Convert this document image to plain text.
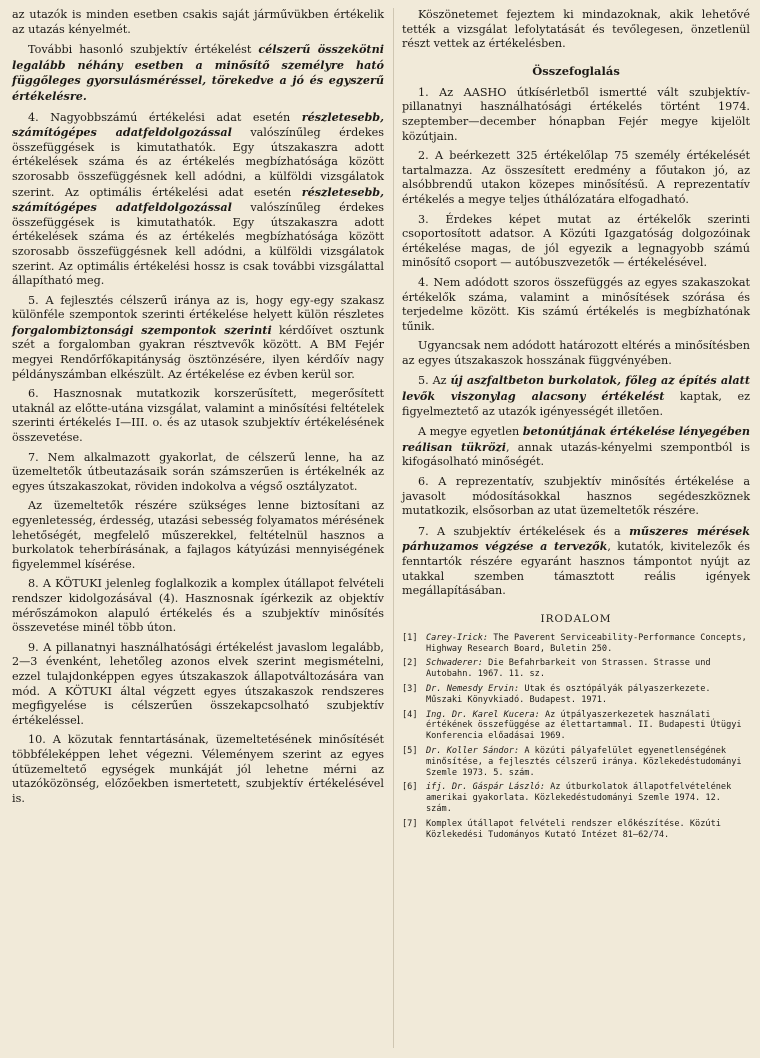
az utazók is minden esetben csakis saját járművükben értékelik az utazás kényelmét.

További hasonló szubjektív értékelést célszerű összekötni legalább néhány esetben a minősítő személyre ható függőleges gyorsulásméréssel, törekedve a jó és egyszerű értékelésre.

4. Nagyobbszámú értékelési adat esetén részletesebb, számítógépes adatfeldolgozással valószínűleg érdekes összefüggések is kimutathatók. Egy útszakaszra adott értékelések száma és az értékelés megbízhatósága között szorosabb összefüggésnek kell adódni, a külföldi vizsgálatok szerint. Az optimális értékelési adat esetén részletesebb, számítógépes adatfeldolgozással valószínűleg érdekes összefüggések is kimutathatók. Egy útszakaszra adott értékelések száma és az értékelés megbízhatósága között szorosabb összefüggésnek kell adódni, a külföldi vizsgálatok szerint. Az optimális értékelési hossz is csak további vizsgálattal állapítható meg.

5. A fejlesztés célszerű iránya az is, hogy egy-egy szakasz különféle szempontok szerinti értékelése helyett külön részletes forgalombiztonsági szempontok szerinti kérdőívet osztunk szét a forgalomban gyakran résztvevők között. A BM Fejér megyei Rendőrfőkapitányság ösztönzésére, ilyen kérdőív nagy példányszámban elkészült. Az értékelése ez évben kerül sor.

6. Hasznosnak mutatkozik korszerűsített, megerősített utaknál az előtte-utána vizsgálat, valamint a minősítési feltételek szerinti értékelés I—III. o. és az utasok szubjektív értékelésének összevetése.

7. Nem alkalmazott gyakorlat, de célszerű lenne, ha az üzemeltetők útbeutazásaik során számszerűen is értékelnék az egyes útszakaszokat, röviden indokolva a végső osztályzatot.

Az üzemeltetők részére szükséges lenne biztosítani az egyenletesség, érdesség, utazási sebesség folyamatos mérésének lehetőségét, megfelelő műszerekkel, feltételnül hasznos a burkolatok teherbírásának, a fajlagos kátyúzási mennyiségének figyelemmel kísérése.

8. A KÖTUKI jelenleg foglalkozik a komplex útállapot felvételi rendszer kidolgozásával (4). Hasznosnak ígérkezik az objektív mérőszámokon alapuló értékelés és a szubjektív minősítés összevetése minél több úton.

9. A pillanatnyi használhatósági értékelést javaslom legalább, 2—3 évenként, lehetőleg azonos elvek szerint megismételni, ezzel tulajdonképpen egyes útszakaszok állapotváltozására van mód. A KÖTUKI által végzett egyes útszakaszok rendszeres megfigyelése is célszerűen összekapcsolható szubjektív értékeléssel.

10. A közutak fenntartásának, üzemeltetésének minősítését többféleképpen lehet végezni. Véleményem szerint az egyes útüzemeltető egységek munkáját jól lehetne mérni az utazóközönség, előzőekben ismertetett, szubjektív értékelésével is.

Köszönetemet fejeztem ki mindazoknak, akik lehetővé tették a vizsgálat lefolytatását és tevőlegesen, önzetlenül részt vettek az értékelésben.

Összefoglalás

1. Az AASHO útkísérletből ismertté vált szubjektív-pillanatnyi használhatósági értékelés történt 1974. szeptember—december hónapban Fejér megye kijelölt közútjain.

2. A beérkezett 325 értékelőlap 75 személy értékelését tartalmazza. Az összesített eredmény a főutakon jó, az alsóbbrendű utakon közepes minősítésű. A reprezentatív értékelés a megye teljes úthálózatára elfogadható.

3. Érdekes képet mutat az értékelők szerinti csoportosított adatsor. A Közúti Igazgatóság dolgozóinak értékelése magas, de jól egyezik a legnagyobb számú minősítő csoport — autóbuszvezetők — értékelésével.

4. Nem adódott szoros összefüggés az egyes szakaszokat értékelők száma, valamint a minősítések szórása és terjedelme között. Kis számú értékelés is megbízhatónak tűnik.

Ugyancsak nem adódott határozott eltérés a minősítésben az egyes útszakaszok hosszának függvényében.

5. Az új aszfaltbeton burkolatok, főleg az építés alatt levők viszonylag alacsony értékelést kaptak, ez figyelmeztető az utazók igényességét illetően.

A megye egyetlen betonútjának értékelése lényegében reálisan tükrözi, annak utazás-kényelmi szempontból is kifogásolható minőségét.

6. A reprezentatív, szubjektív minősítés értékelése a javasolt módosításokkal hasznos segédeszköznek mutatkozik, elsősorban az utat üzemeltetők részére.

7. A szubjektív értékelések és a műszeres mérések párhuzamos végzése a tervezők, kutatók, kivitelezők és fenntartók részére egyaránt hasznos támpontot nyújt az utakkal szemben támasztott reális igények megállapításában.

IRODALOM
[1] Carey-Irick: The Paverent Serviceability-Performance Concepts, Highway Research Board, Buletin 250.
[2] Schwaderer: Die Befahrbarkeit von Strassen. Strasse und Autobahn. 1967. 11. sz.
[3] Dr. Nemesdy Ervin: Utak és osztópályák pályaszerkezete. Műszaki Könyvkiadó. Budapest. 1971.
[4] Ing. Dr. Karel Kucera: Az útpályaszerkezetek használati értékének összefüggése az élettartammal. II. Budapesti Útügyi Konferencia előadásai 1969.
[5] Dr. Koller Sándor: A közúti pályafelület egyenetlenségének minősítése, a fejlesztés célszerű iránya. Közlekedéstudományi Szemle 1973. 5. szám.
[6] ifj. Dr. Gáspár László: Az útburkolatok állapotfelvételének amerikai gyakorlata. Közlekedéstudományi Szemle 1974. 12. szám.
[7] Komplex útállapot felvételi rendszer előkészítése. Közúti Közlekedési Tudományos Kutató Intézet 81—62/74.
